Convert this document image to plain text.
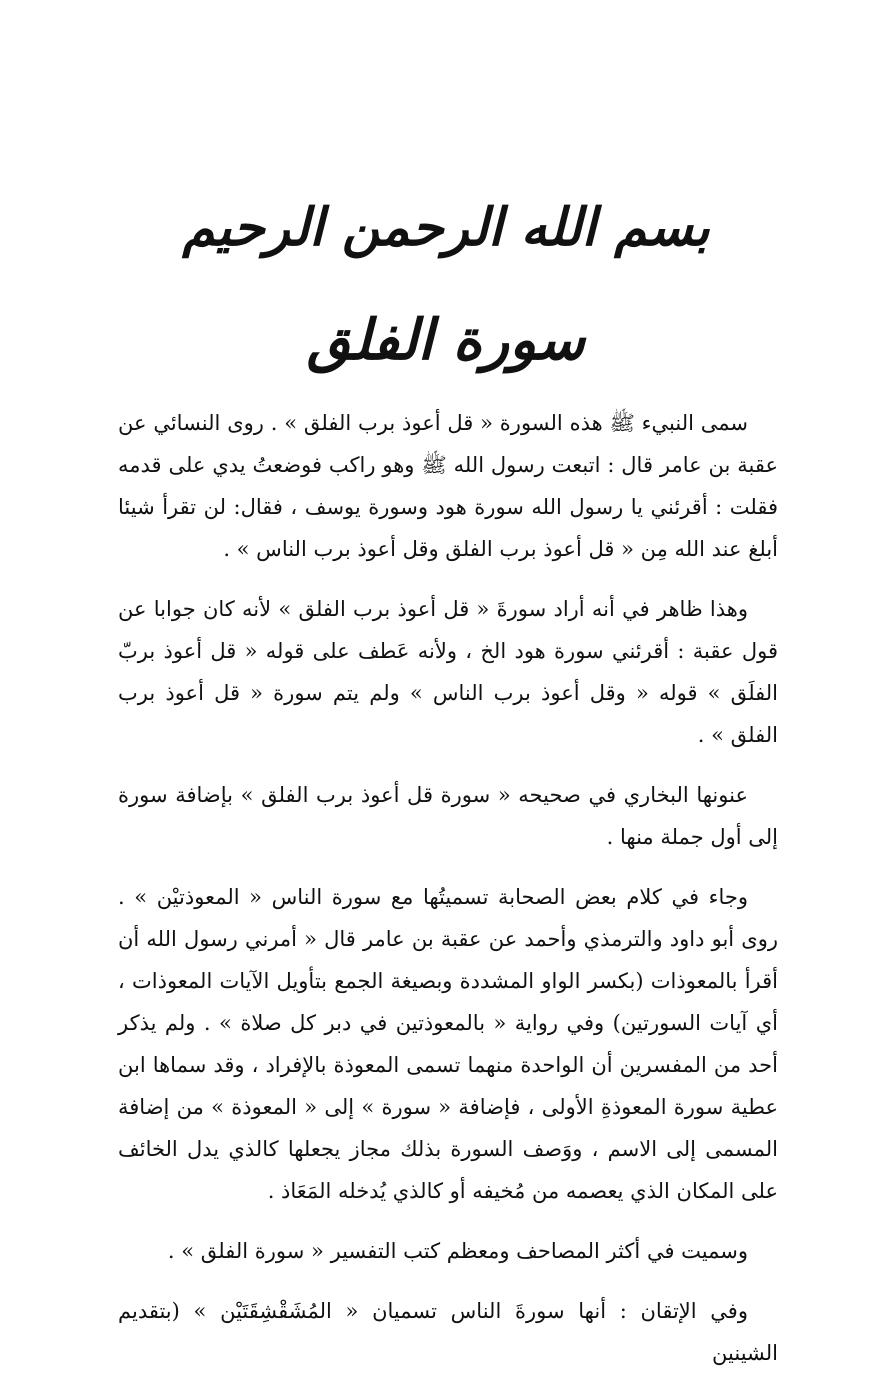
بسم الله الرحمن الرحيم
سورة الفلق

سمى النبيء ﷺ هذه السورة « قل أعوذ برب الفلق » . روى النسائي عن عقبة بن عامر قال : اتبعت رسول الله ﷺ وهو راكب فوضعتُ يدي على قدمه فقلت : أقرئني يا رسول الله سورة هود وسورة يوسف ، فقال: لن تقرأ شيئا أبلغ عند الله مِن « قل أعوذ برب الفلق وقل أعوذ برب الناس » .

وهذا ظاهر في أنه أراد سورةَ « قل أعوذ برب الفلق » لأنه كان جوابا عن قول عقبة : أقرئني سورة هود الخ ، ولأنه عَطف على قوله « قل أعوذ بربّ الفلَق » قوله « وقل أعوذ برب الناس » ولم يتم سورة « قل أعوذ برب الفلق » .

عنونها البخاري في صحيحه « سورة قل أعوذ برب الفلق » بإضافة سورة إلى أول جملة منها .

وجاء في كلام بعض الصحابة تسميتُها مع سورة الناس « المعوذتيْن » . روى أبو داود والترمذي وأحمد عن عقبة بن عامر قال « أمرني رسول الله أن أقرأ بالمعوذات (بكسر الواو المشددة وبصيغة الجمع بتأويل الآيات المعوذات ، أي آيات السورتين) وفي رواية « بالمعوذتين في دبر كل صلاة » . ولم يذكر أحد من المفسرين أن الواحدة منهما تسمى المعوذة بالإفراد ، وقد سماها ابن عطية سورة المعوذةِ الأولى ، فإضافة « سورة » إلى « المعوذة » من إضافة المسمى إلى الاسم ، ووَصف السورة بذلك مجاز يجعلها كالذي يدل الخائف على المكان الذي يعصمه من مُخيفه أو كالذي يُدخله المَعَاذ .

وسميت في أكثر المصاحف ومعظم كتب التفسير « سورة الفلق » .

وفي الإتقان : أنها سورةَ الناس تسميان « المُشَقْشِقَتَيْن » (بتقديم الشينين
